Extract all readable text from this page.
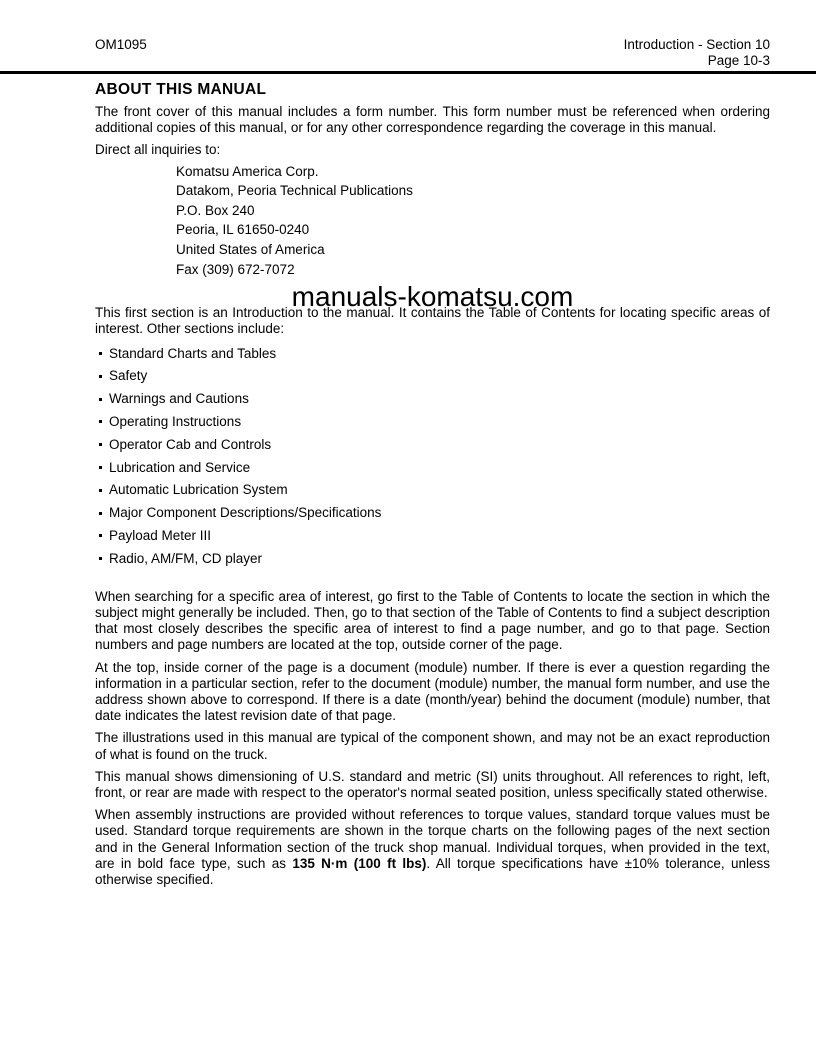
OM1095	Introduction - Section 10
Page 10-3
ABOUT THIS MANUAL

The front cover of this manual includes a form number. This form number must be referenced when ordering additional copies of this manual, or for any other correspondence regarding the coverage in this manual.

Direct all inquiries to:

Komatsu America Corp.
Datakom, Peoria Technical Publications
P.O. Box 240
Peoria, IL 61650-0240
United States of America
Fax (309) 672-7072

This first section is an Introduction to the manual. It contains the Table of Contents for locating specific areas of interest. Other sections include:

Standard Charts and Tables
Safety
Warnings and Cautions
Operating Instructions
Operator Cab and Controls
Lubrication and Service
Automatic Lubrication System
Major Component Descriptions/Specifications
Payload Meter III
Radio, AM/FM, CD player

When searching for a specific area of interest, go first to the Table of Contents to locate the section in which the subject might generally be included. Then, go to that section of the Table of Contents to find a subject description that most closely describes the specific area of interest to find a page number, and go to that page. Section numbers and page numbers are located at the top, outside corner of the page.

At the top, inside corner of the page is a document (module) number. If there is ever a question regarding the information in a particular section, refer to the document (module) number, the manual form number, and use the address shown above to correspond. If there is a date (month/year) behind the document (module) number, that date indicates the latest revision date of that page.

The illustrations used in this manual are typical of the component shown, and may not be an exact reproduction of what is found on the truck.

This manual shows dimensioning of U.S. standard and metric (SI) units throughout. All references to right, left, front, or rear are made with respect to the operator's normal seated position, unless specifically stated otherwise.

When assembly instructions are provided without references to torque values, standard torque values must be used. Standard torque requirements are shown in the torque charts on the following pages of the next section and in the General Information section of the truck shop manual. Individual torques, when provided in the text, are in bold face type, such as 135 N·m (100 ft lbs). All torque specifications have ±10% tolerance, unless otherwise specified.

manuals-komatsu.com
